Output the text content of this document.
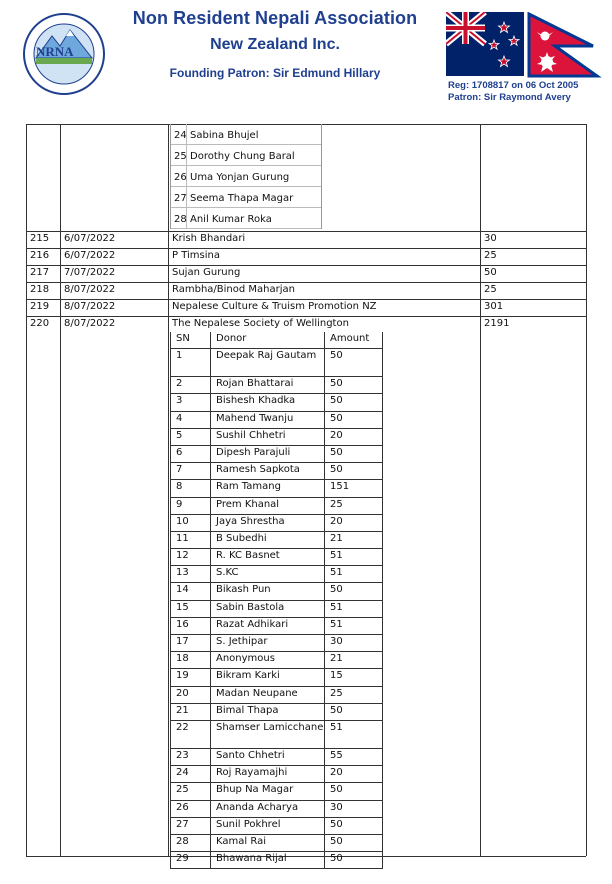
NRNA
Non Resident Nepali Association
New Zealand Inc.
Founding Patron: Sir Edmund Hillary
Reg: 1708817 on 06 Oct 2005
Patron: Sir Raymond Avery
24 Sabina Bhujel
25 Dorothy Chung Baral
26 Uma Yonjan Gurung
27 Seema Thapa Magar
28 Anil Kumar Roka
215 6/07/2022	Krish Bhandari	30
216 6/07/2022	P Timsina	25
217 7/07/2022	Sujan Gurung	50
218 8/07/2022	Rambha/Binod Maharjan	25
219 8/07/2022	Nepalese Culture & Truism Promotion NZ	301
220 8/07/2022	The Nepalese Society of Wellington	2191
SN	Donor	Amount
1	Deepak Raj Gautam	50
2	Rojan Bhattarai	50
3	Bishesh Khadka	50
4	Mahend Twanju	50
5	Sushil Chhetri	20
6	Dipesh Parajuli	50
7	Ramesh Sapkota	50
8	Ram Tamang	151
9	Prem Khanal	25
10	Jaya Shrestha	20
11	B Subedhi	21
12	R. KC Basnet	51
13	S.KC	51
14	Bikash Pun	50
15	Sabin Bastola	51
16	Razat Adhikari	51
17	S. Jethipar	30
18	Anonymous	21
19	Bikram Karki	15
20	Madan Neupane	25
21	Bimal Thapa	50
22	Shamser Lamicchane 51
23	Santo Chhetri	55
24	Roj Rayamajhi	20
25	Bhup Na Magar	50
26	Ananda Acharya	30
27	Sunil Pokhrel	50
28	Kamal Rai	50
29	Bhawana Rijal	50
